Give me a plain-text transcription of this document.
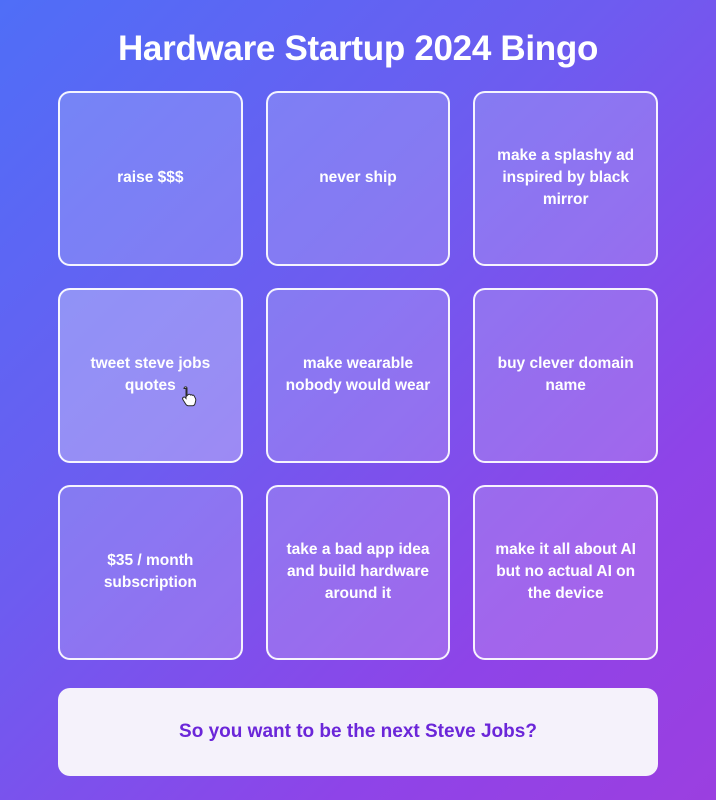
Hardware Startup 2024 Bingo
raise $$$	never ship
make a splashy ad inspired by black mirror
tweet steve jobs quotes
make wearable nobody would wear
buy clever domain name
$35 / month subscription
take a bad app idea and build hardware around it
make it all about AI but no actual AI on the device
So you want to be the next Steve Jobs?
